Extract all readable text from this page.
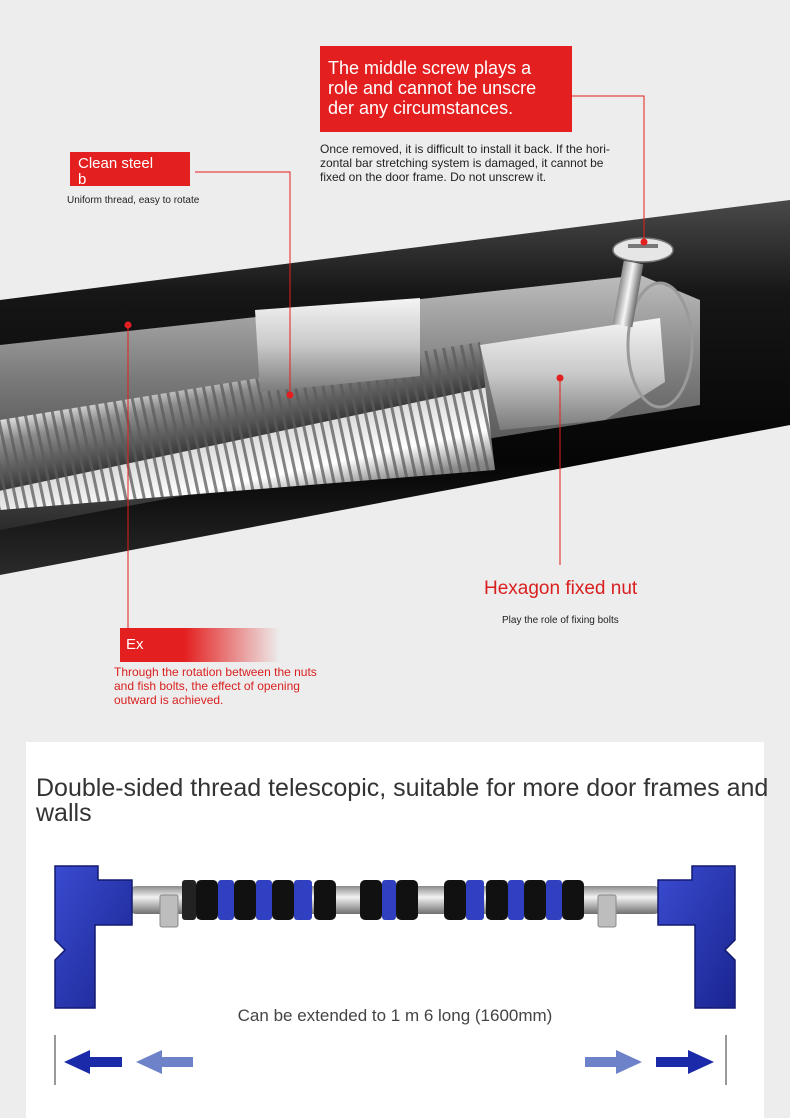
The middle screw plays a
role and cannot be unscre
der any circumstances.
Once removed, it is difficult to install it back. If the hori-
zontal bar stretching system is damaged, it cannot be
fixed on the door frame. Do not unscrew it.
Clean steel
b
Uniform thread, easy to rotate
Hexagon fixed nut
Play the role of fixing bolts
Ex
Through the rotation between the nuts
and fish bolts, the effect of opening
outward is achieved.
Double-sided thread telescopic, suitable for more door frames and walls
Can be extended to 1 m 6 long (1600mm)
